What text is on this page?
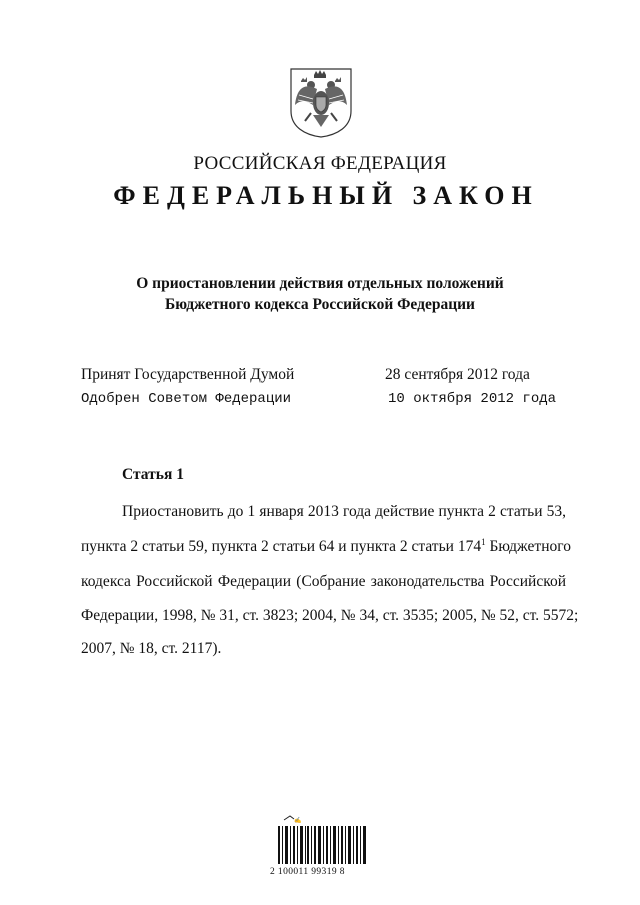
РОССИЙСКАЯ ФЕДЕРАЦИЯ
ФЕДЕРАЛЬНЫЙ ЗАКОН
О приостановлении действия отдельных положений
Бюджетного кодекса Российской Федерации
Принят Государственной Думой	28 сентября 2012 года
Одобрен Советом Федерации	10 октября 2012 года
Статья 1
Приостановить до 1 января 2013 года действие пункта 2 статьи 53,
пункта 2 статьи 59, пункта 2 статьи 64 и пункта 2 статьи $174^1$ Бюджетного
кодекса Российской Федерации (Собрание законодательства Российской
Федерации, 1998, № 31, ст. 3823; 2004, № 34, ст. 3535; 2005, № 52, ст. 5572;
2007, № 18, ст. 2117).
✍
2 100011 99319 8
